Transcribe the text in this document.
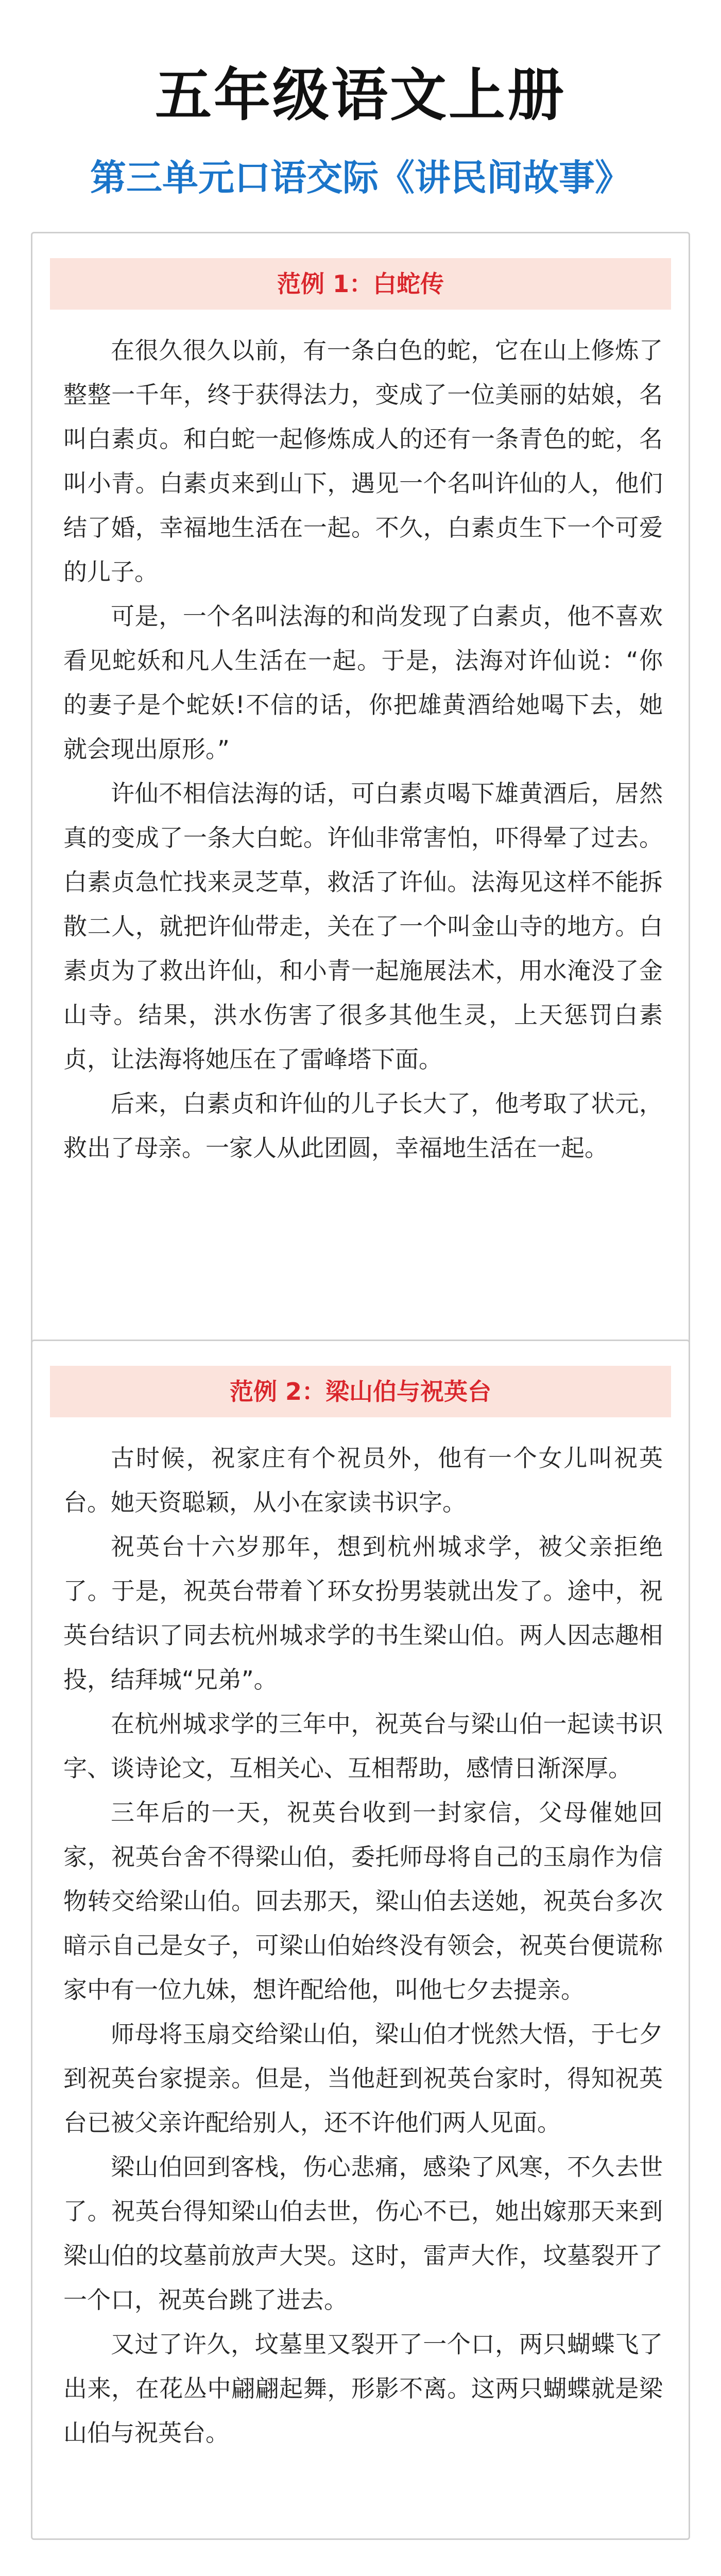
五年级语文上册
第三单元口语交际《讲民间故事》
范例 1：白蛇传

在很久很久以前，有一条白色的蛇，它在山上修炼了整整一千年，终于获得法力，变成了一位美丽的姑娘，名叫白素贞。和白蛇一起修炼成人的还有一条青色的蛇，名叫小青。白素贞来到山下，遇见一个名叫许仙的人，他们结了婚，幸福地生活在一起。不久，白素贞生下一个可爱的儿子。

可是，一个名叫法海的和尚发现了白素贞，他不喜欢看见蛇妖和凡人生活在一起。于是，法海对许仙说：“你的妻子是个蛇妖!不信的话，你把雄黄酒给她喝下去，她就会现出原形。”

许仙不相信法海的话，可白素贞喝下雄黄酒后，居然真的变成了一条大白蛇。许仙非常害怕，吓得晕了过去。白素贞急忙找来灵芝草，救活了许仙。法海见这样不能拆散二人，就把许仙带走，关在了一个叫金山寺的地方。白素贞为了救出许仙，和小青一起施展法术，用水淹没了金山寺。结果，洪水伤害了很多其他生灵，上天惩罚白素贞，让法海将她压在了雷峰塔下面。

后来，白素贞和许仙的儿子长大了，他考取了状元，救出了母亲。一家人从此团圆，幸福地生活在一起。

范例 2：梁山伯与祝英台

古时候，祝家庄有个祝员外，他有一个女儿叫祝英台。她天资聪颖，从小在家读书识字。

祝英台十六岁那年，想到杭州城求学，被父亲拒绝了。于是，祝英台带着丫环女扮男装就出发了。途中，祝英台结识了同去杭州城求学的书生梁山伯。两人因志趣相投，结拜城“兄弟”。

在杭州城求学的三年中，祝英台与梁山伯一起读书识字、谈诗论文，互相关心、互相帮助，感情日渐深厚。

三年后的一天，祝英台收到一封家信，父母催她回家，祝英台舍不得梁山伯，委托师母将自己的玉扇作为信物转交给梁山伯。回去那天，梁山伯去送她，祝英台多次暗示自己是女子，可梁山伯始终没有领会，祝英台便谎称家中有一位九妹，想许配给他，叫他七夕去提亲。

师母将玉扇交给梁山伯，梁山伯才恍然大悟，于七夕到祝英台家提亲。但是，当他赶到祝英台家时，得知祝英台已被父亲许配给别人，还不许他们两人见面。

梁山伯回到客栈，伤心悲痛，感染了风寒，不久去世了。祝英台得知梁山伯去世，伤心不已，她出嫁那天来到梁山伯的坟墓前放声大哭。这时，雷声大作，坟墓裂开了一个口，祝英台跳了进去。

又过了许久，坟墓里又裂开了一个口，两只蝴蝶飞了出来，在花丛中翩翩起舞，形影不离。这两只蝴蝶就是梁山伯与祝英台。
